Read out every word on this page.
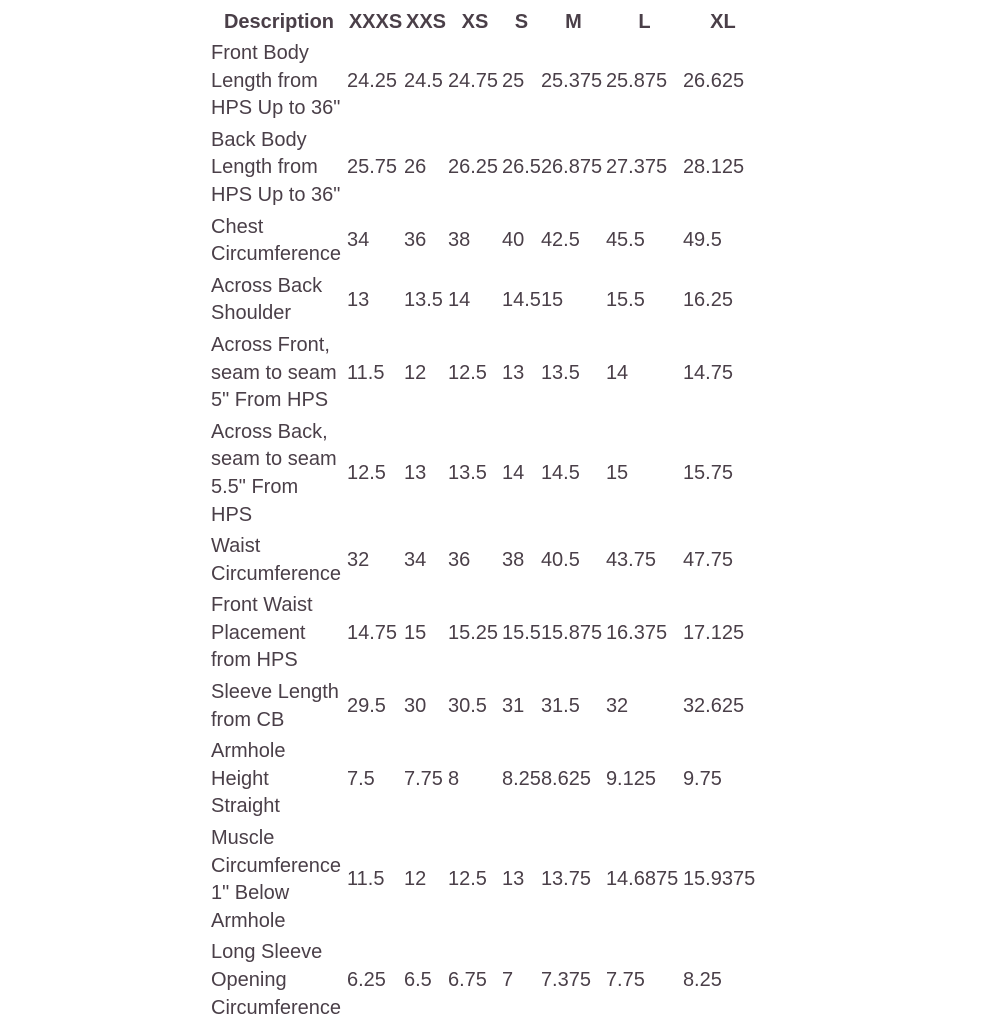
Description	XXXS	XXS	XS	S	M	L	XL
Front Body
Length from
HPS Up to 36"	24.25	24.5	24.75	25	25.375	25.875	26.625
Back Body
Length from
HPS Up to 36"	25.75	26	26.25	26.5	26.875	27.375	28.125
Chest
Circumference	34	36	38	40	42.5	45.5	49.5
Across Back
Shoulder	13	13.5	14	14.5	15	15.5	16.25
Across Front,
seam to seam
5" From HPS	11.5	12	12.5	13	13.5	14	14.75
Across Back,
seam to seam
5.5" From
HPS	12.5	13	13.5	14	14.5	15	15.75
Waist
Circumference	32	34	36	38	40.5	43.75	47.75
Front Waist
Placement
from HPS	14.75	15	15.25	15.5	15.875	16.375	17.125
Sleeve Length
from CB	29.5	30	30.5	31	31.5	32	32.625
Armhole
Height
Straight	7.5	7.75	8	8.25	8.625	9.125	9.75
Muscle
Circumference
1" Below
Armhole	11.5	12	12.5	13	13.75	14.6875	15.9375
Long Sleeve
Opening
Circumference	6.25	6.5	6.75	7	7.375	7.75	8.25
